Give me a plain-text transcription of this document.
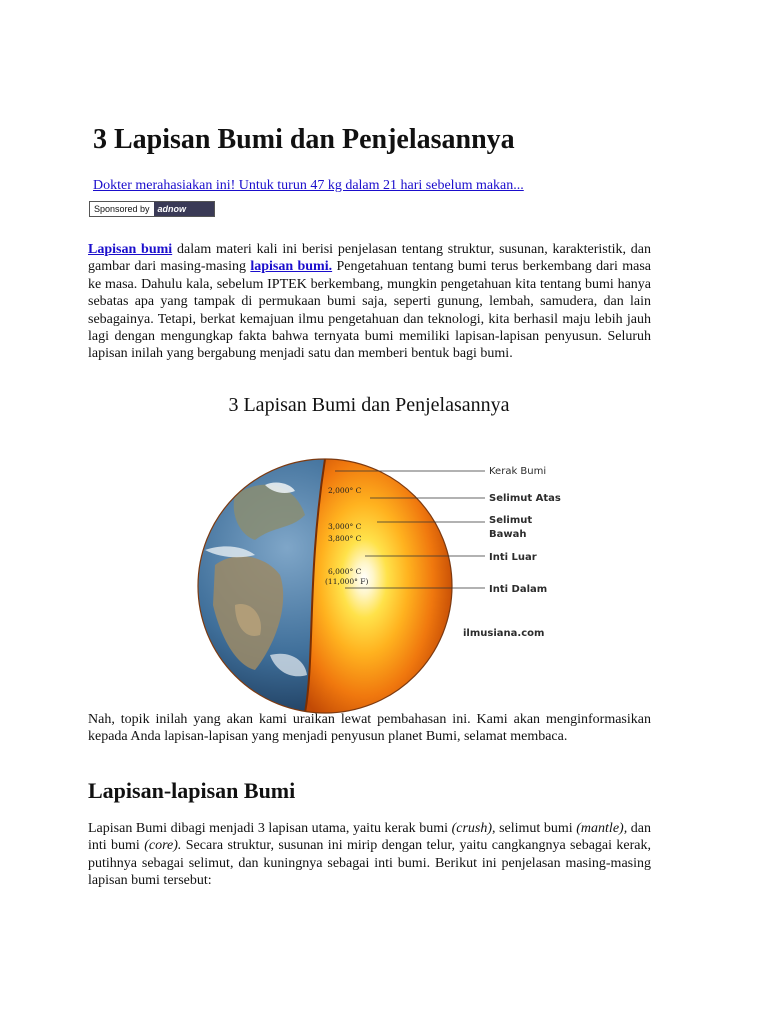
3 Lapisan Bumi dan Penjelasannya
Dokter merahasiakan ini! Untuk turun 47 kg dalam 21 hari sebelum makan...
Sponsored by adnow

Lapisan bumi dalam materi kali ini berisi penjelasan tentang struktur, susunan, karakteristik, dan gambar dari masing-masing lapisan bumi. Pengetahuan tentang bumi terus berkembang dari masa ke masa. Dahulu kala, sebelum IPTEK berkembang, mungkin pengetahuan kita tentang bumi hanya sebatas apa yang tampak di permukaan bumi saja, seperti gunung, lembah, samudera, dan lain sebagainya. Tetapi, berkat kemajuan ilmu pengetahuan dan teknologi, kita berhasil maju lebih jauh lagi dengan mengungkap fakta bahwa ternyata bumi memiliki lapisan-lapisan penyusun. Seluruh lapisan inilah yang bergabung menjadi satu dan memberi bentuk bagi bumi.

3 Lapisan Bumi dan Penjelasannya
2,000° C
3,000° C
3,800° C
6,000° C
(11,000° F)
Kerak Bumi
Selimut Atas
Selimut
Bawah
Inti Luar
Inti Dalam
ilmusiana.com

Nah, topik inilah yang akan kami uraikan lewat pembahasan ini. Kami akan menginformasikan kepada Anda lapisan-lapisan yang menjadi penyusun planet Bumi, selamat membaca.

Lapisan-lapisan Bumi

Lapisan Bumi dibagi menjadi 3 lapisan utama, yaitu kerak bumi (crush), selimut bumi (mantle), dan inti bumi (core). Secara struktur, susunan ini mirip dengan telur, yaitu cangkangnya sebagai kerak, putihnya sebagai selimut, dan kuningnya sebagai inti bumi. Berikut ini penjelasan masing-masing lapisan bumi tersebut:
